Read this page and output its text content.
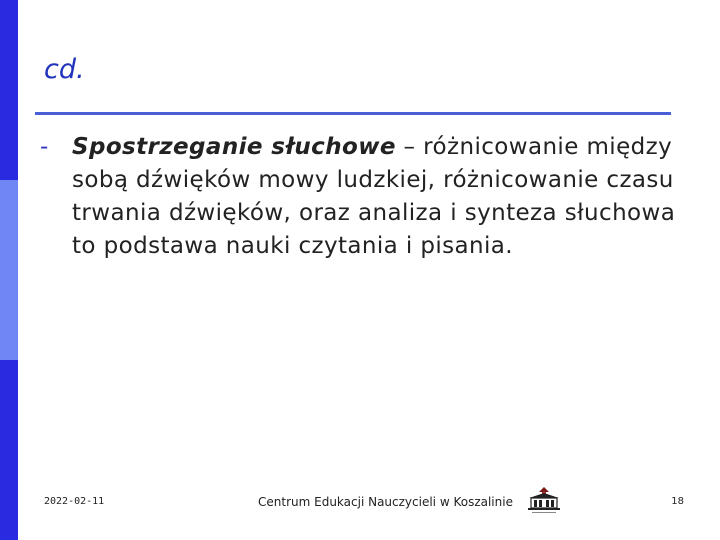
cd.
- Spostrzeganie słuchowe – różnicowanie między sobą dźwięków mowy ludzkiej, różnicowanie czasu trwania dźwięków, oraz analiza i synteza słuchowa to podstawa nauki czytania i pisania.
2022-02-11	Centrum Edukacji Nauczycieli w Koszalinie	18
